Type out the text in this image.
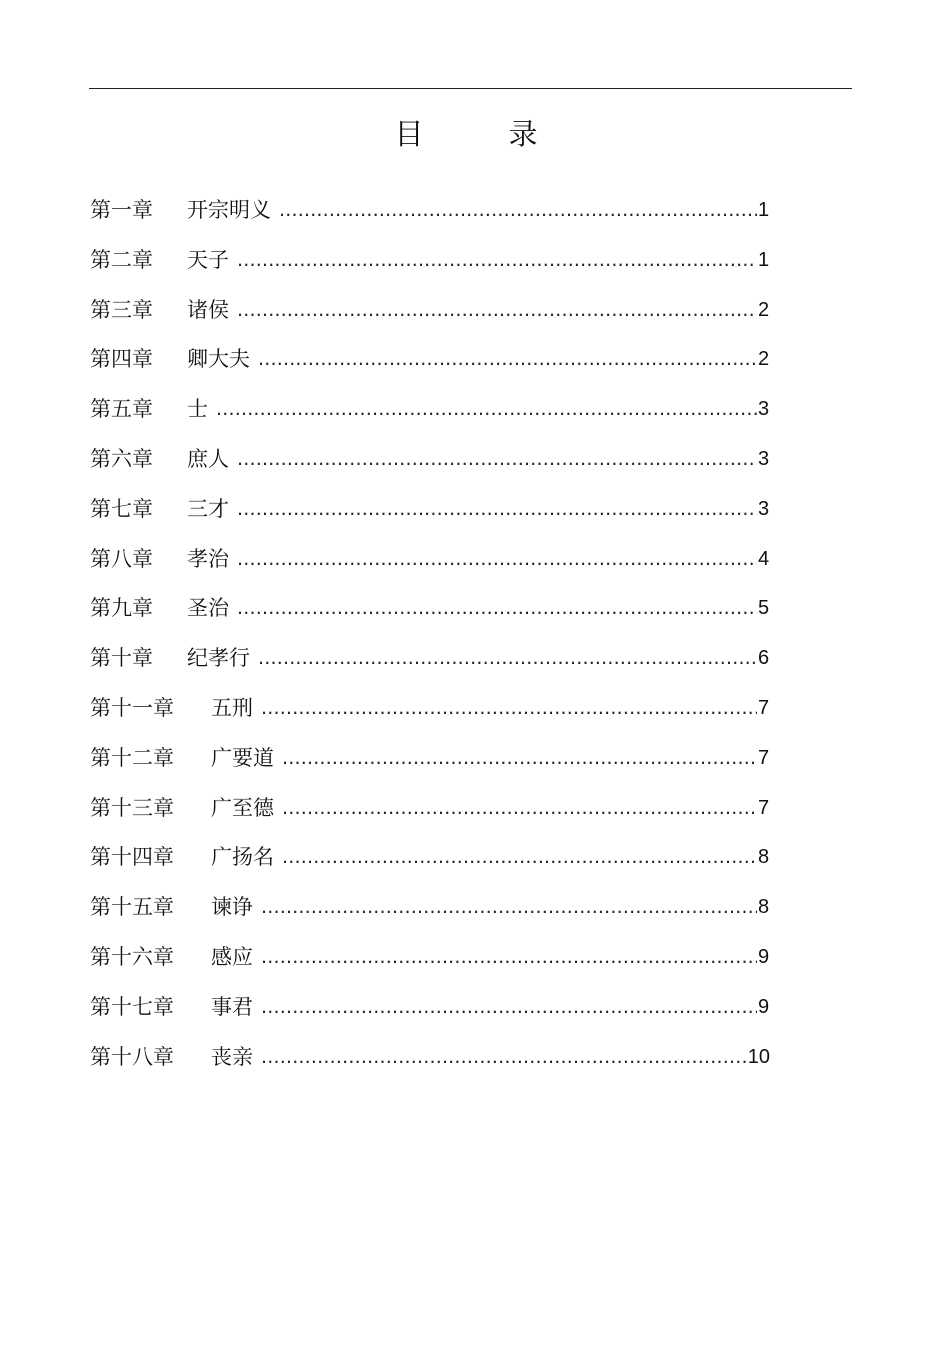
目　录
第一章 开宗明义 .....	1
第二章 天子 .....	1
第三章 诸侯 .....	2
第四章 卿大夫 .....	2
第五章 士 .....	3
第六章 庶人 .....	3
第七章 三才 .....	3
第八章 孝治 .....	4
第九章 圣治 .....	5
第十章 纪孝行 .....	6
第十一章 五刑 .....	7
第十二章 广要道 .....	7
第十三章 广至德 .....	7
第十四章 广扬名 .....	8
第十五章 谏诤 .....	8
第十六章 感应 .....	9
第十七章 事君 .....	9
第十八章 丧亲 .....	10
